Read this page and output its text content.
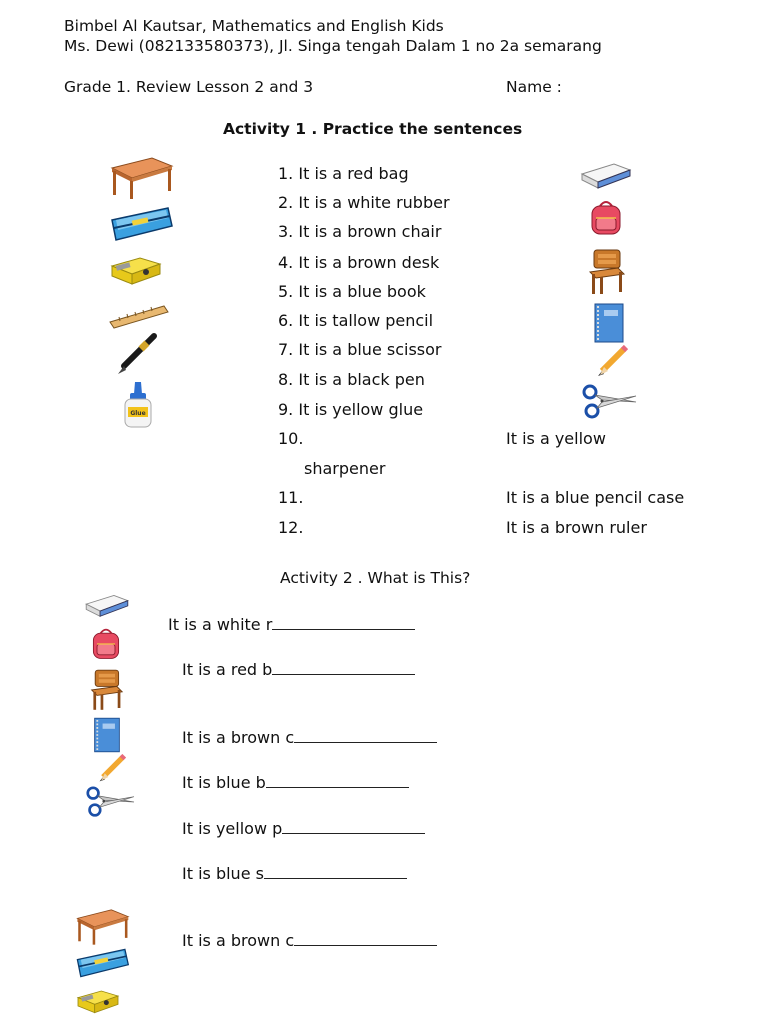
Bimbel Al Kautsar, Mathematics and English Kids
Ms. Dewi (082133580373), Jl. Singa tengah Dalam 1 no 2a semarang
Grade 1. Review Lesson 2 and 3	Name :
Activity 1 . Practice the sentences
1. It is a red bag
2. It is a white rubber
3. It is a brown chair
4. It is a brown desk
5. It is a blue book
6. It is tallow pencil
7. It is a blue scissor
8. It is a black pen
9. It is yellow glue
10.	It is a yellow
sharpener
11.	It is a blue pencil case
12.	It is a brown ruler
Glue
Activity 2 . What is This?
It is a white r
It is a red b
It is a brown c
It is blue b
It is yellow p
It is blue s
It is a brown c
